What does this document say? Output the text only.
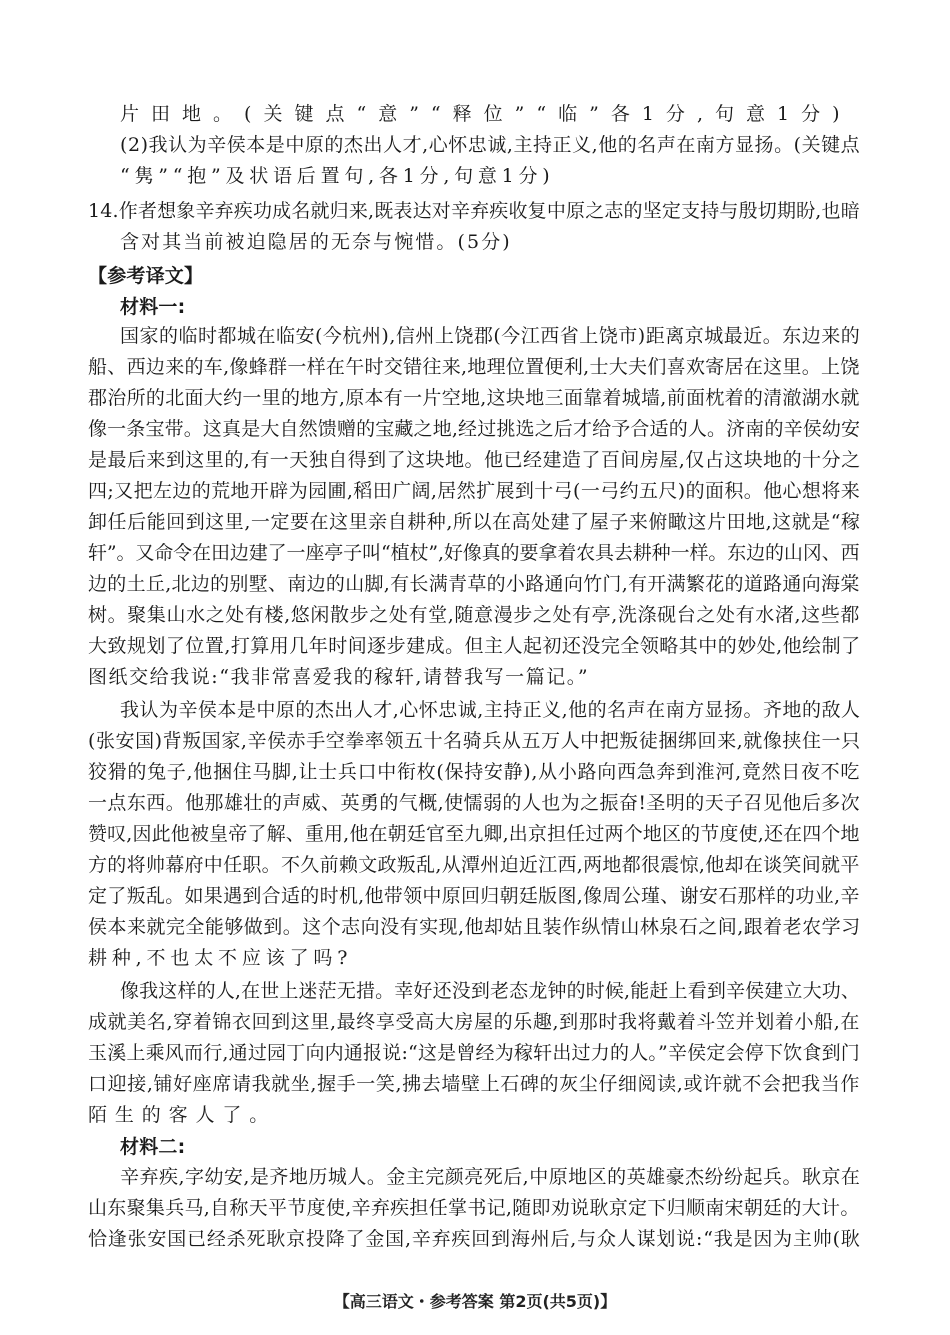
片田地。(关键点“意”“释位”“临”各1分,句意1分)
(2)我认为辛侯本是中原的杰出人才,心怀忠诚,主持正义,他的名声在南方显扬。(关键点
“隽”“抱”及状语后置句,各1分,句意1分)
14.作者想象辛弃疾功成名就归来,既表达对辛弃疾收复中原之志的坚定支持与殷切期盼,也暗
含对其当前被迫隐居的无奈与惋惜。(5分)
【参考译文】
材料一:
国家的临时都城在临安(今杭州),信州上饶郡(今江西省上饶市)距离京城最近。东边来的
船、西边来的车,像蜂群一样在午时交错往来,地理位置便利,士大夫们喜欢寄居在这里。上饶
郡治所的北面大约一里的地方,原本有一片空地,这块地三面靠着城墙,前面枕着的清澈湖水就
像一条宝带。这真是大自然馈赠的宝藏之地,经过挑选之后才给予合适的人。济南的辛侯幼安
是最后来到这里的,有一天独自得到了这块地。他已经建造了百间房屋,仅占这块地的十分之
四;又把左边的荒地开辟为园圃,稻田广阔,居然扩展到十弓(一弓约五尺)的面积。他心想将来
卸任后能回到这里,一定要在这里亲自耕种,所以在高处建了屋子来俯瞰这片田地,这就是“稼
轩”。又命令在田边建了一座亭子叫“植杖”,好像真的要拿着农具去耕种一样。东边的山冈、西
边的土丘,北边的别墅、南边的山脚,有长满青草的小路通向竹门,有开满繁花的道路通向海棠
树。聚集山水之处有楼,悠闲散步之处有堂,随意漫步之处有亭,洗涤砚台之处有水渚,这些都
大致规划了位置,打算用几年时间逐步建成。但主人起初还没完全领略其中的妙处,他绘制了
图纸交给我说:“我非常喜爱我的稼轩,请替我写一篇记。”
我认为辛侯本是中原的杰出人才,心怀忠诚,主持正义,他的名声在南方显扬。齐地的敌人
(张安国)背叛国家,辛侯赤手空拳率领五十名骑兵从五万人中把叛徒捆绑回来,就像挟住一只
狡猾的兔子,他捆住马脚,让士兵口中衔枚(保持安静),从小路向西急奔到淮河,竟然日夜不吃
一点东西。他那雄壮的声威、英勇的气概,使懦弱的人也为之振奋!圣明的天子召见他后多次
赞叹,因此他被皇帝了解、重用,他在朝廷官至九卿,出京担任过两个地区的节度使,还在四个地
方的将帅幕府中任职。不久前赖文政叛乱,从潭州迫近江西,两地都很震惊,他却在谈笑间就平
定了叛乱。如果遇到合适的时机,他带领中原回归朝廷版图,像周公瑾、谢安石那样的功业,辛
侯本来就完全能够做到。这个志向没有实现,他却姑且装作纵情山林泉石之间,跟着老农学习
耕种,不也太不应该了吗?
像我这样的人,在世上迷茫无措。幸好还没到老态龙钟的时候,能赶上看到辛侯建立大功、
成就美名,穿着锦衣回到这里,最终享受高大房屋的乐趣,到那时我将戴着斗笠并划着小船,在
玉溪上乘风而行,通过园丁向内通报说:“这是曾经为稼轩出过力的人。”辛侯定会停下饮食到门
口迎接,铺好座席请我就坐,握手一笑,拂去墙壁上石碑的灰尘仔细阅读,或许就不会把我当作
陌生的客人了。
材料二:
辛弃疾,字幼安,是齐地历城人。金主完颜亮死后,中原地区的英雄豪杰纷纷起兵。耿京在
山东聚集兵马,自称天平节度使,辛弃疾担任掌书记,随即劝说耿京定下归顺南宋朝廷的大计。
恰逢张安国已经杀死耿京投降了金国,辛弃疾回到海州后,与众人谋划说:“我是因为主帅(耿
【高三语文・参考答案 第2页(共5页)】
